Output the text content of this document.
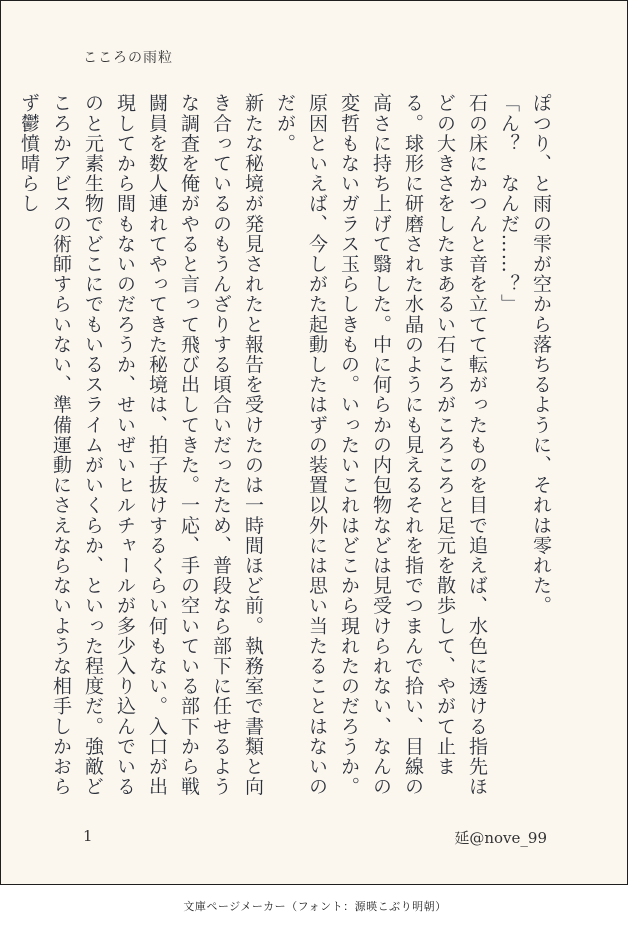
こころの雨粒

ぽつり、と雨の雫が空から落ちるように、それは零れた。

「ん？　なんだ……？」

石の床にかつんと音を立てて転がったものを目で追えば、水色に透ける指先ほどの大きさをしたまあるい石ころがころころと足元を散歩して、やがて止まる。球形に研磨された水晶のようにも見えるそれを指でつまんで拾い、目線の高さに持ち上げて翳した。中に何らかの内包物などは見受けられない、なんの変哲もないガラス玉らしきもの。いったいこれはどこから現れたのだろうか。原因といえば、今しがた起動したはずの装置以外には思い当たることはないのだが。

新たな秘境が発見されたと報告を受けたのは一時間ほど前。執務室で書類と向き合っているのもうんざりする頃合いだったため、普段なら部下に任せるような調査を俺がやると言って飛び出してきた。一応、手の空いている部下から戦闘員を数人連れてやってきた秘境は、拍子抜けするくらい何もない。入口が出現してから間もないのだろうか、せいぜいヒルチャールが多少入り込んでいるのと元素生物でどこにでもいるスライムがいくらか、といった程度だ。強敵どころかアビスの術師すらいない、準備運動にさえならないような相手しかおらず鬱憤晴らし

1	延@nove_99
文庫ページメーカー（フォント：源暎こぶり明朝）
